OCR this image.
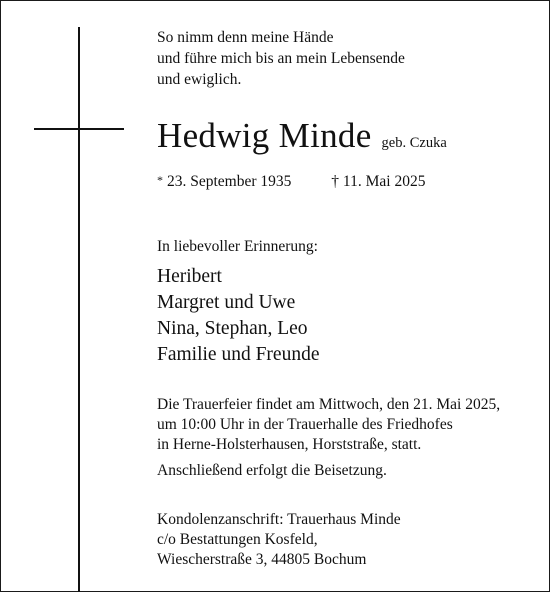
So nimm denn meine Hände
und führe mich bis an mein Lebensende
und ewiglich.
Hedwig Minde geb. Czuka
* 23. September 1935	† 11. Mai 2025
In liebevoller Erinnerung:
Heribert
Margret und Uwe
Nina, Stephan, Leo
Familie und Freunde
Die Trauerfeier findet am Mittwoch, den 21. Mai 2025,
um 10:00 Uhr in der Trauerhalle des Friedhofes
in Herne-Holsterhausen, Horststraße, statt.
Anschließend erfolgt die Beisetzung.
Kondolenzanschrift: Trauerhaus Minde
c/o Bestattungen Kosfeld,
Wiescherstraße 3, 44805 Bochum
